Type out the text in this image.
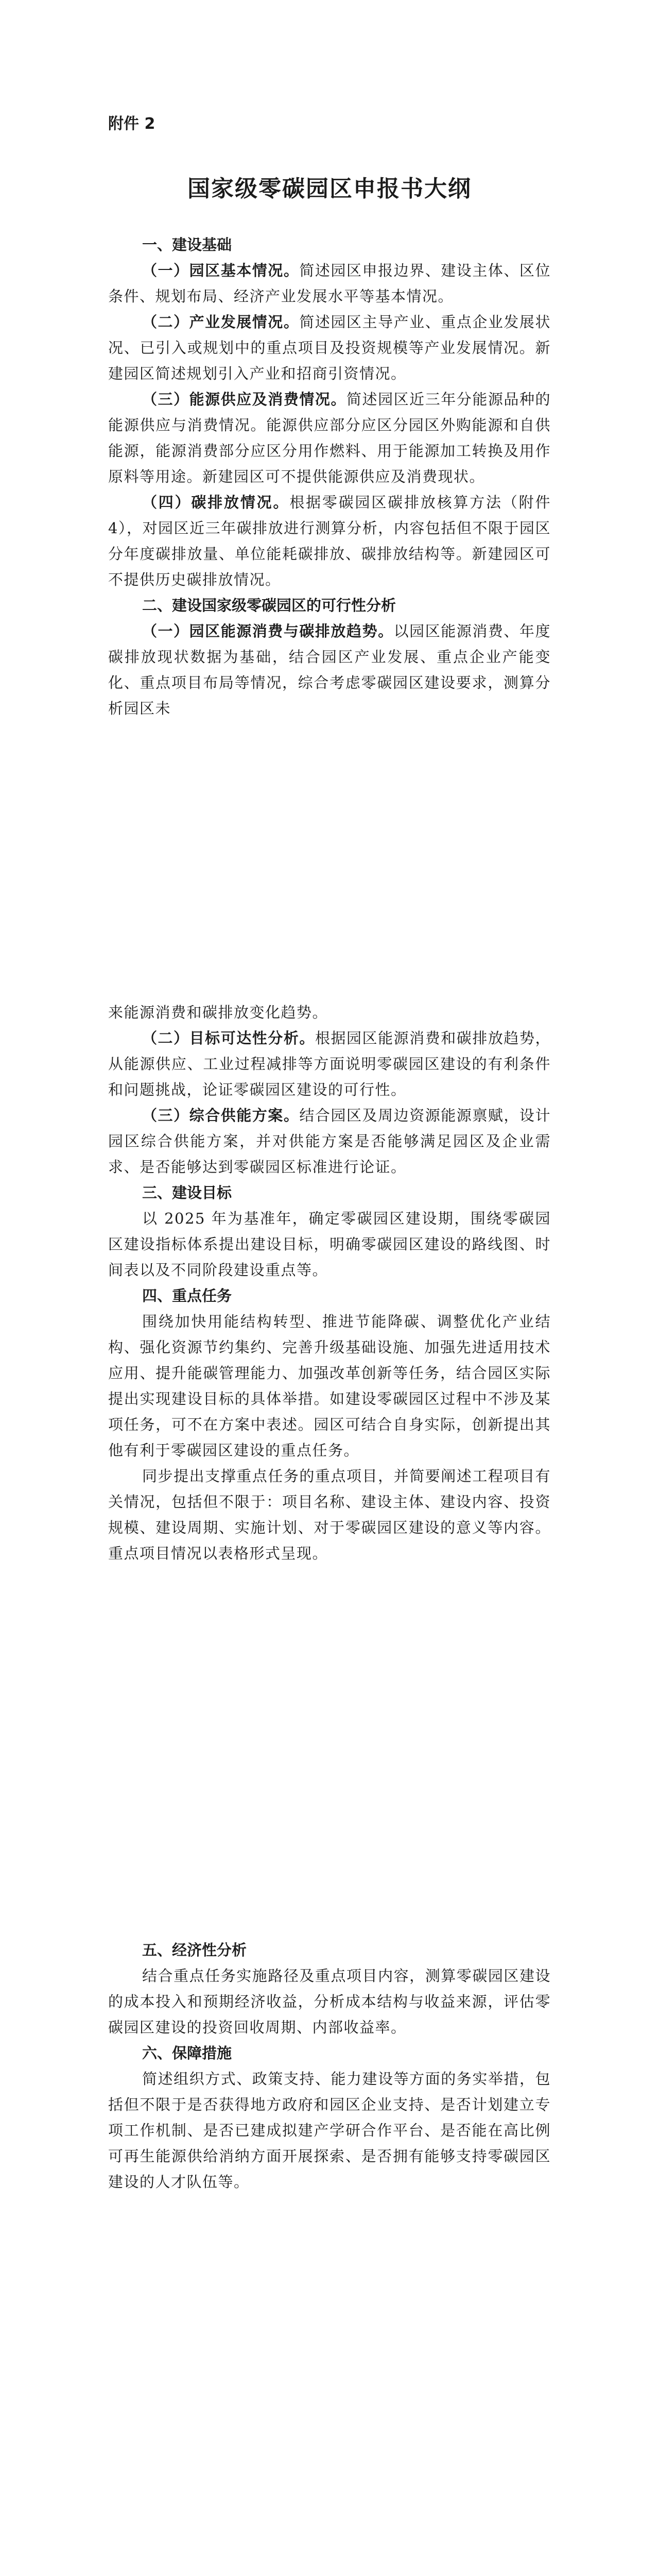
附件 2

国家级零碳园区申报书大纲
一、建设基础

（一）园区基本情况。简述园区申报边界、建设主体、区位条件、规划布局、经济产业发展水平等基本情况。

（二）产业发展情况。简述园区主导产业、重点企业发展状况、已引入或规划中的重点项目及投资规模等产业发展情况。新建园区简述规划引入产业和招商引资情况。

（三）能源供应及消费情况。简述园区近三年分能源品种的能源供应与消费情况。能源供应部分应区分园区外购能源和自供能源，能源消费部分应区分用作燃料、用于能源加工转换及用作原料等用途。新建园区可不提供能源供应及消费现状。

（四）碳排放情况。根据零碳园区碳排放核算方法（附件 4），对园区近三年碳排放进行测算分析，内容包括但不限于园区分年度碳排放量、单位能耗碳排放、碳排放结构等。新建园区可不提供历史碳排放情况。

二、建设国家级零碳园区的可行性分析

（一）园区能源消费与碳排放趋势。以园区能源消费、年度碳排放现状数据为基础，结合园区产业发展、重点企业产能变化、重点项目布局等情况，综合考虑零碳园区建设要求，测算分析园区未

来能源消费和碳排放变化趋势。

（二）目标可达性分析。根据园区能源消费和碳排放趋势，从能源供应、工业过程减排等方面说明零碳园区建设的有利条件和问题挑战，论证零碳园区建设的可行性。

（三）综合供能方案。结合园区及周边资源能源禀赋，设计园区综合供能方案，并对供能方案是否能够满足园区及企业需求、是否能够达到零碳园区标准进行论证。

三、建设目标

以 2025 年为基准年，确定零碳园区建设期，围绕零碳园区建设指标体系提出建设目标，明确零碳园区建设的路线图、时间表以及不同阶段建设重点等。

四、重点任务

围绕加快用能结构转型、推进节能降碳、调整优化产业结构、强化资源节约集约、完善升级基础设施、加强先进适用技术应用、提升能碳管理能力、加强改革创新等任务，结合园区实际提出实现建设目标的具体举措。如建设零碳园区过程中不涉及某项任务，可不在方案中表述。园区可结合自身实际，创新提出其他有利于零碳园区建设的重点任务。

同步提出支撑重点任务的重点项目，并简要阐述工程项目有关情况，包括但不限于：项目名称、建设主体、建设内容、投资规模、建设周期、实施计划、对于零碳园区建设的意义等内容。重点项目情况以表格形式呈现。

五、经济性分析

结合重点任务实施路径及重点项目内容，测算零碳园区建设的成本投入和预期经济收益，分析成本结构与收益来源，评估零碳园区建设的投资回收周期、内部收益率。

六、保障措施

简述组织方式、政策支持、能力建设等方面的务实举措，包括但不限于是否获得地方政府和园区企业支持、是否计划建立专项工作机制、是否已建成拟建产学研合作平台、是否能在高比例可再生能源供给消纳方面开展探索、是否拥有能够支持零碳园区建设的人才队伍等。
